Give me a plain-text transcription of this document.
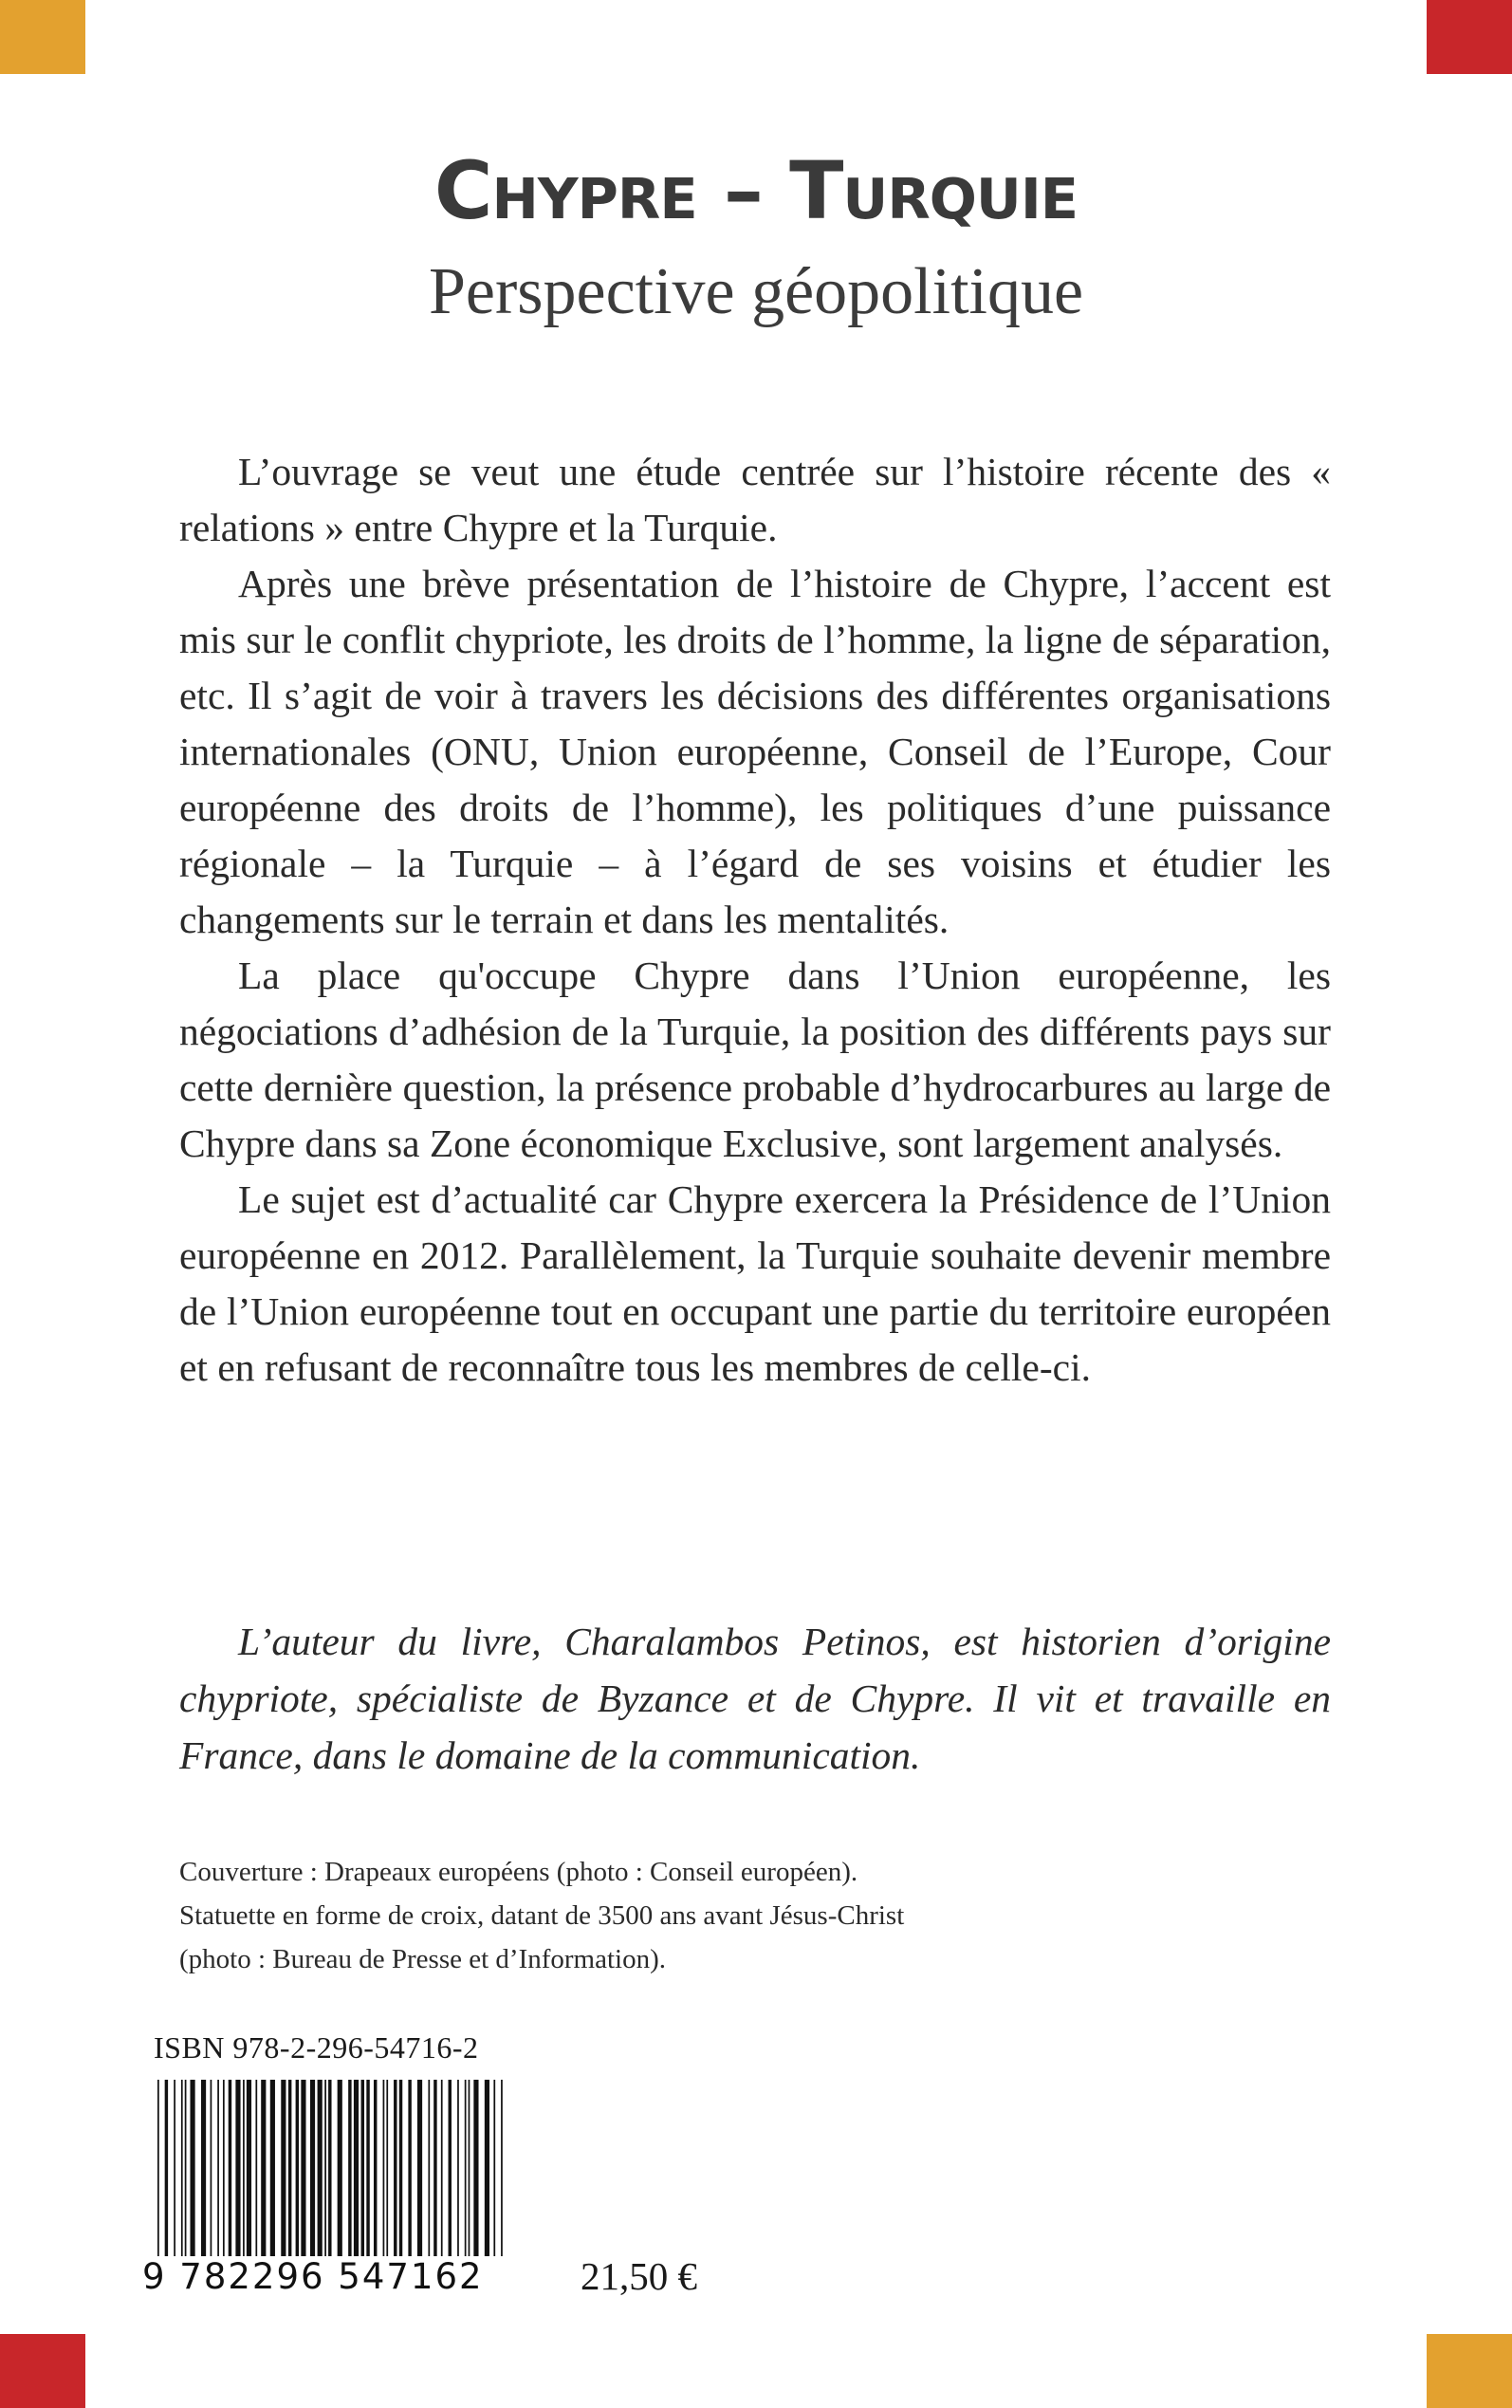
Chypre – Turquie
Perspective géopolitique

L’ouvrage se veut une étude centrée sur l’histoire récente des « relations » entre Chypre et la Turquie.

Après une brève présentation de l’histoire de Chypre, l’accent est mis sur le conflit chypriote, les droits de l’homme, la ligne de séparation, etc. Il s’agit de voir à travers les décisions des différentes organisations internationales (ONU, Union européenne, Conseil de l’Europe, Cour européenne des droits de l’homme), les politiques d’une puissance régionale – la Turquie – à l’égard de ses voisins et étudier les changements sur le terrain et dans les mentalités.

La place qu'occupe Chypre dans l’Union européenne, les négociations d’adhésion de la Turquie, la position des différents pays sur cette dernière question, la présence probable d’hydrocarbures au large de Chypre dans sa Zone économique Exclusive, sont largement analysés.

Le sujet est d’actualité car Chypre exercera la Présidence de l’Union européenne en 2012. Parallèlement, la Turquie souhaite devenir membre de l’Union européenne tout en occupant une partie du territoire européen et en refusant de reconnaître tous les membres de celle-ci.

L’auteur du livre, Charalambos Petinos, est historien d’origine chypriote, spécialiste de Byzance et de Chypre. Il vit et travaille en France, dans le domaine de la communication.
Couverture : Drapeaux européens (photo : Conseil européen).
Statuette en forme de croix, datant de 3500 ans avant Jésus-Christ
(photo : Bureau de Presse et d’Information).
ISBN 978-2-296-54716-2
9 782296 547162	21,50 €
